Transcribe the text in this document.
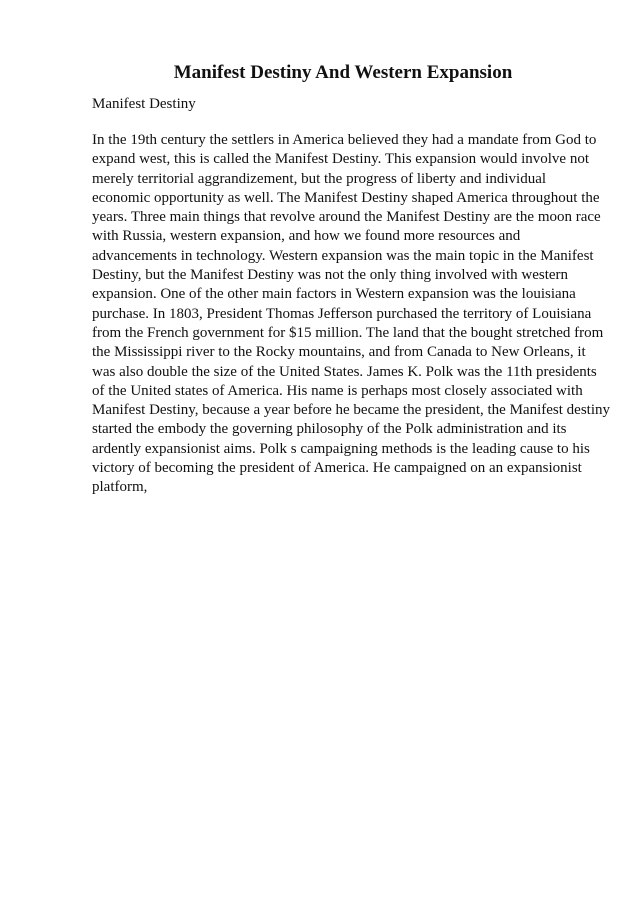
Manifest Destiny And Western Expansion

Manifest Destiny

In the 19th century the settlers in America believed they had a mandate from God to
expand west, this is called the Manifest Destiny. This expansion would involve not
merely territorial aggrandizement, but the progress of liberty and individual
economic opportunity as well. The Manifest Destiny shaped America throughout the
years. Three main things that revolve around the Manifest Destiny are the moon race
with Russia, western expansion, and how we found more resources and
advancements in technology. Western expansion was the main topic in the Manifest
Destiny, but the Manifest Destiny was not the only thing involved with western
expansion. One of the other main factors in Western expansion was the louisiana
purchase. In 1803, President Thomas Jefferson purchased the territory of Louisiana
from the French government for $15 million. The land that the bought stretched from
the Mississippi river to the Rocky mountains, and from Canada to New Orleans, it
was also double the size of the United States. James K. Polk was the 11th presidents
of the United states of America. His name is perhaps most closely associated with
Manifest Destiny, because a year before he became the president, the Manifest destiny
started the embody the governing philosophy of the Polk administration and its
ardently expansionist aims. Polk s campaigning methods is the leading cause to his
victory of becoming the president of America. He campaigned on an expansionist
platform,
